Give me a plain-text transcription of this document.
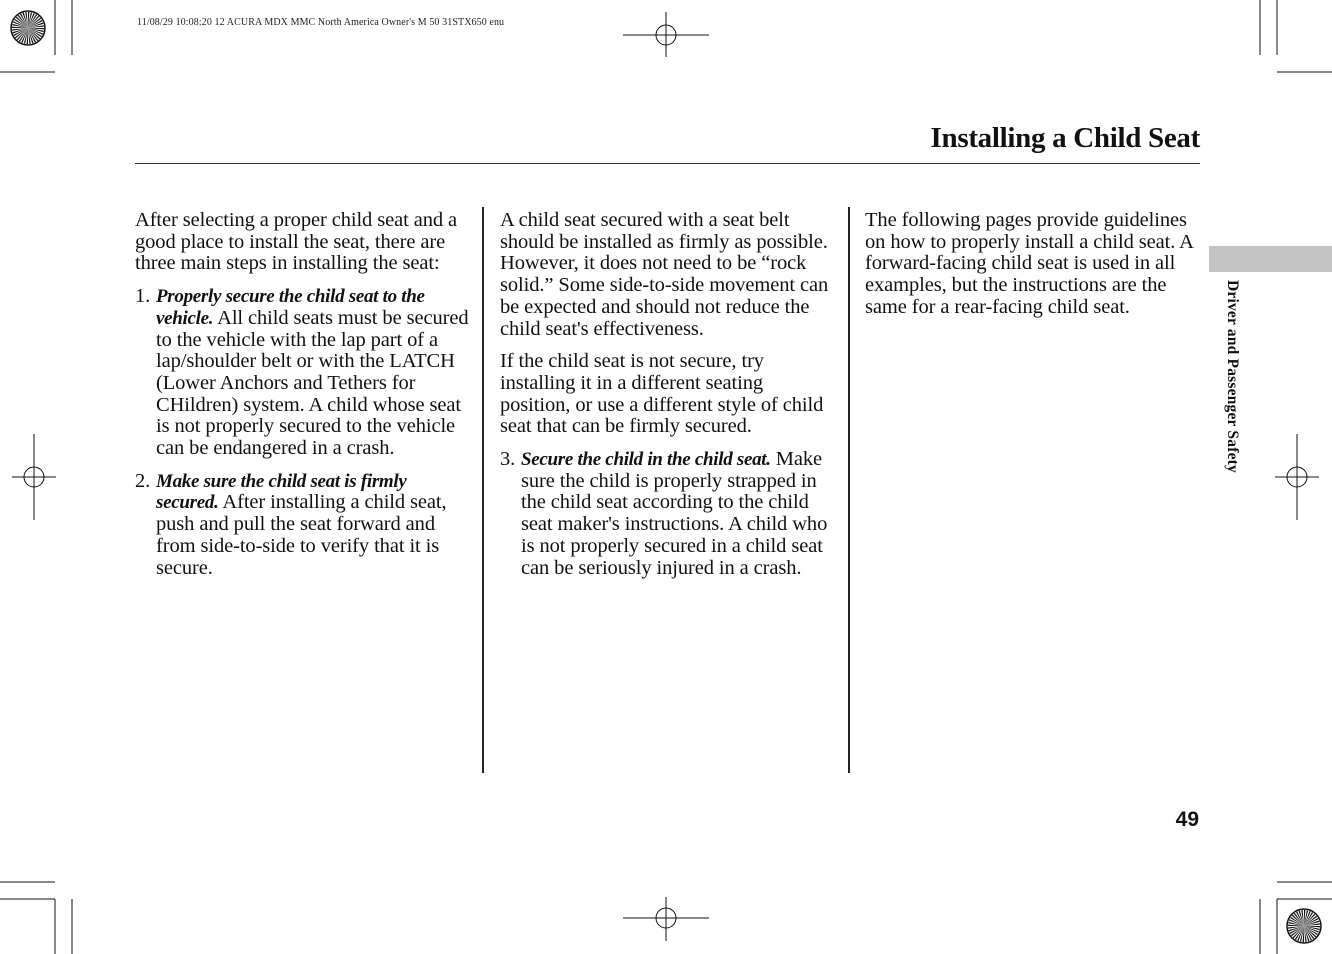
11/08/29 10:08:20 12 ACURA MDX MMC North America Owner's M 50 31STX650 enu
Installing a Child Seat

After selecting a proper child seat and a good place to install the seat, there are three main steps in installing the seat:

1. Properly secure the child seat to the vehicle. All child seats must be secured to the vehicle with the lap part of a lap/shoulder belt or with the LATCH (Lower Anchors and Tethers for CHildren) system. A child whose seat is not properly secured to the vehicle can be endangered in a crash.
2. Make sure the child seat is firmly secured. After installing a child seat, push and pull the seat forward and from side-to-side to verify that it is secure.

A child seat secured with a seat belt should be installed as firmly as possible. However, it does not need to be “rock solid.” Some side-to-side movement can be expected and should not reduce the child seat's effectiveness.

If the child seat is not secure, try installing it in a different seating position, or use a different style of child seat that can be firmly secured.

3. Secure the child in the child seat. Make sure the child is properly strapped in the child seat according to the child seat maker's instructions. A child who is not properly secured in a child seat can be seriously injured in a crash.

The following pages provide guidelines on how to properly install a child seat. A forward-facing child seat is used in all examples, but the instructions are the same for a rear-facing child seat.	Driver and Passenger Safety
49
